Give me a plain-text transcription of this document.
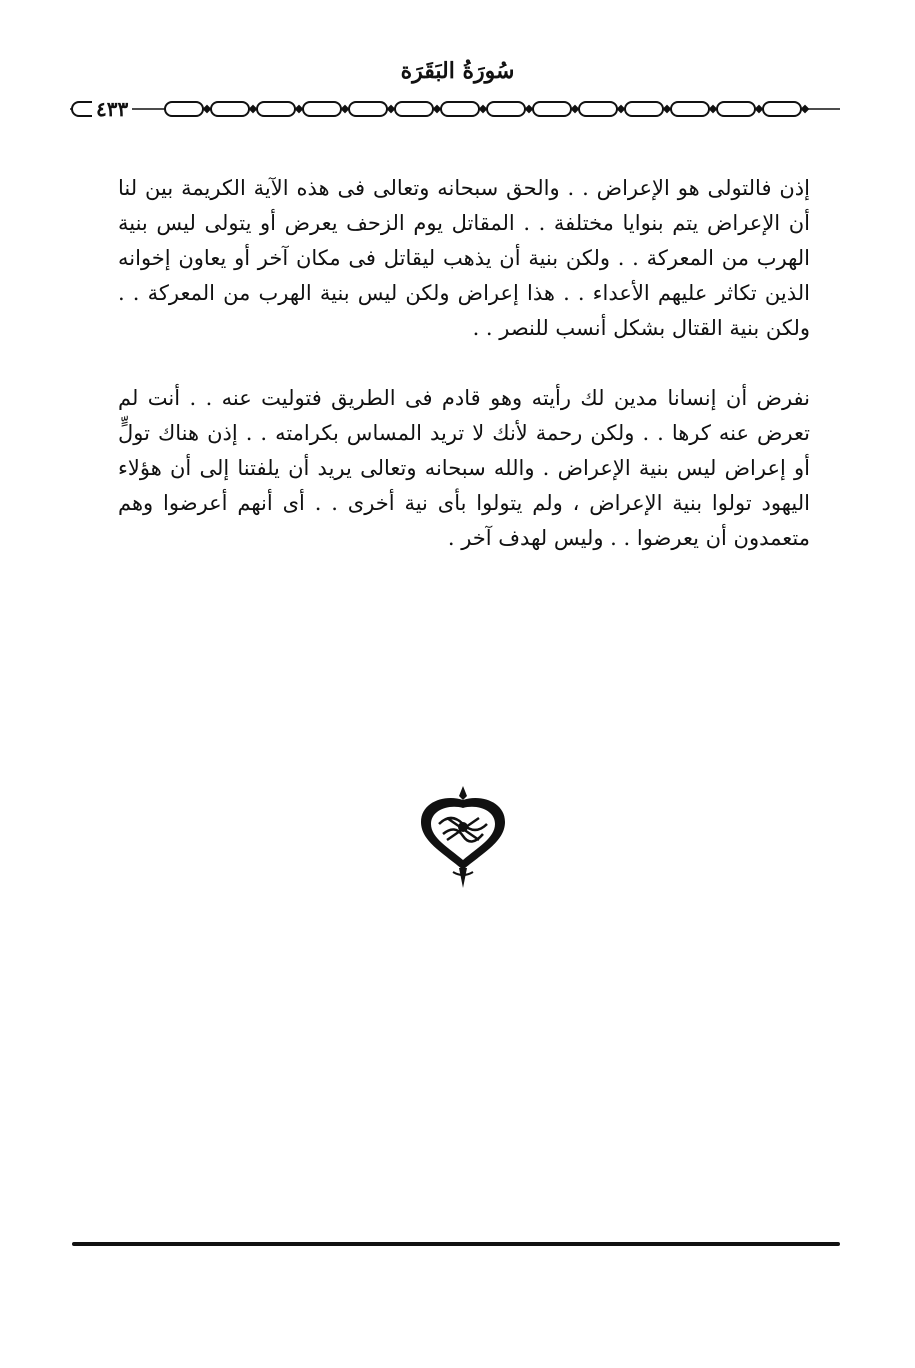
سُورَةُ البَقَرَة
٤٣٣

إذن فالتولى هو الإعراض . . والحق سبحانه وتعالى فى هذه الآية الكريمة بين لنا أن الإعراض يتم بنوايا مختلفة . . المقاتل يوم الزحف يعرض أو يتولى ليس بنية الهرب من المعركة . . ولكن بنية أن يذهب ليقاتل فى مكان آخر أو يعاون إخوانه الذين تكاثر عليهم الأعداء . . هذا إعراض ولكن ليس بنية الهرب من المعركة . . ولكن بنية القتال بشكل أنسب للنصر . .

نفرض أن إنسانا مدين لك رأيته وهو قادم فى الطريق فتوليت عنه . . أنت لم تعرض عنه كرها . . ولكن رحمة لأنك لا تريد المساس بكرامته . . إذن هناك تولٍّ أو إعراض ليس بنية الإعراض . والله سبحانه وتعالى يريد أن يلفتنا إلى أن هؤلاء اليهود تولوا بنية الإعراض ، ولم يتولوا بأى نية أخرى . . أى أنهم أعرضوا وهم متعمدون أن يعرضوا . . وليس لهدف آخر .
